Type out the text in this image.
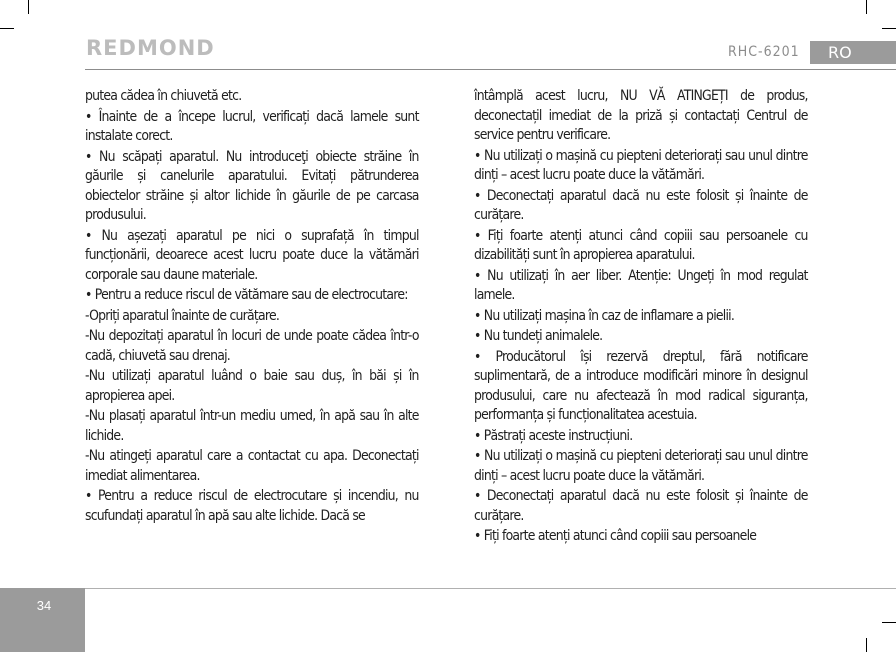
REDMOND	RHC-6201	RO

putea cădea în chiuvetă etc.

• Înainte de a începe lucrul, verificați dacă lamele sunt instalate corect.

• Nu scăpați aparatul. Nu introduceţi obiecte străine în găurile și canelurile aparatului. Evitați pătrunderea obiectelor străine și altor lichide în găurile de pe carcasa produsului.

• Nu așezați aparatul pe nici o suprafață în timpul funcționării, deoarece acest lucru poate duce la vătămări corporale sau daune materiale.

• Pentru a reduce riscul de vătămare sau de electrocutare:

-Opriți aparatul înainte de curățare.

-Nu depozitați aparatul în locuri de unde poate cădea într-o cadă, chiuvetă sau drenaj.

-Nu utilizați aparatul luând o baie sau duș, în băi și în apropierea apei.

-Nu plasați aparatul într-un mediu umed, în apă sau în alte lichide.

-Nu atingeți aparatul care a contactat cu apa. Deconectați imediat alimentarea.

• Pentru a reduce riscul de electrocutare și incendiu, nu scufundați aparatul în apă sau alte lichide. Dacă se

întâmplă acest lucru, NU VĂ ATINGEȚI de produs, deconectațil imediat de la priză și contactați Centrul de service pentru verificare.

• Nu utilizați o mașină cu piepteni deteriorați sau unul dintre dinți – acest lucru poate duce la vătămări.

• Deconectați aparatul dacă nu este folosit și înainte de curățare.

• Fiți foarte atenți atunci când copiii sau persoanele cu dizabilități sunt în apropierea aparatului.

• Nu utilizați în aer liber. Atenție: Ungeți în mod regulat lamele.

• Nu utilizați mașina în caz de inflamare a pielii.

• Nu tundeți animalele.

• Producătorul își rezervă dreptul, fără notificare suplimentară, de a introduce modificări minore în designul produsului, care nu afectează în mod radical siguranța, performanța și funcționalitatea acestuia.

• Păstrați aceste instrucțiuni.

• Nu utilizați o mașină cu piepteni deteriorați sau unul dintre dinți – acest lucru poate duce la vătămări.

• Deconectați aparatul dacă nu este folosit și înainte de curățare.

• Fiți foarte atenți atunci când copiii sau persoanele

34
